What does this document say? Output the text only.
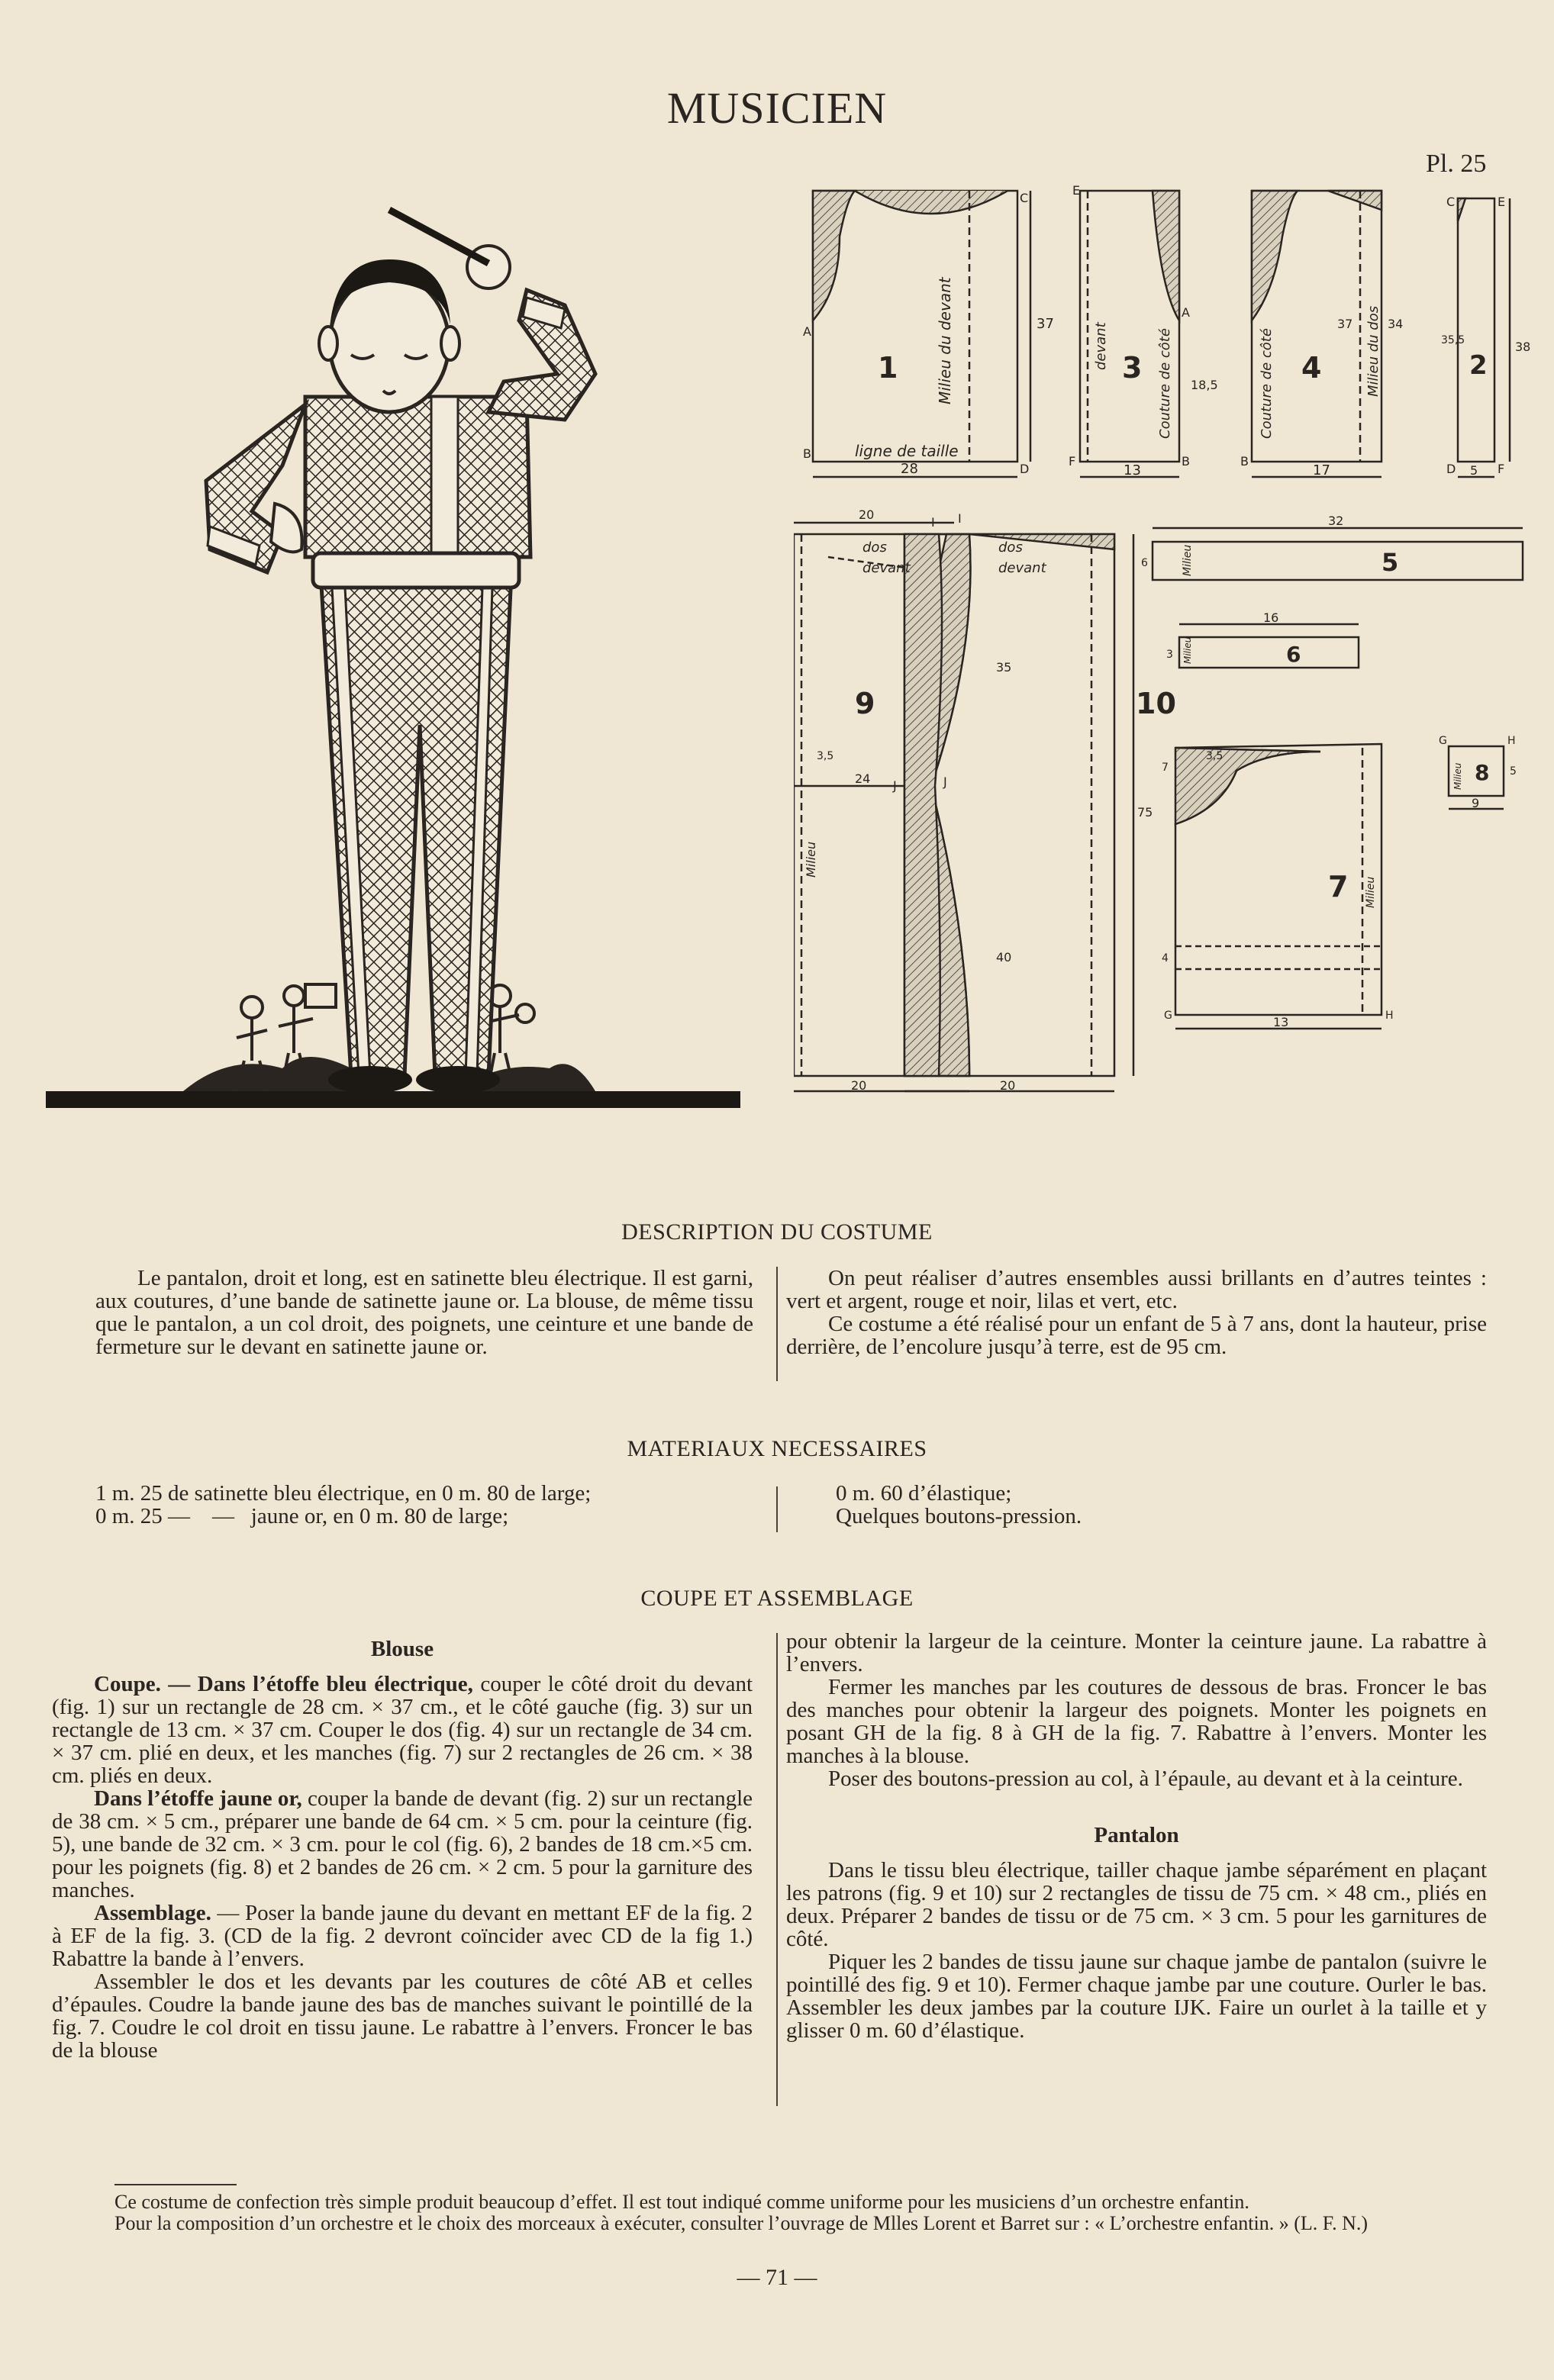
MUSICIEN
Pl. 25
1 Milieu du devant
ligne de taille
28
37
A
B
C
D
3
devant	Couture de côté
13
18,5
E
A
F	B
4
Couture de côté	Milieu du dos
17
37	34
B
2
5
38
35,5
C	E
D	F
9
dos
devant
Milieu
20
24
20
35
40
3,5
I
J
10
dos
devant
20
75
3,5
I
J
5
Milieu
32
6
6
Milieu
16
3
8
Milieu
9
5
G	H
7 Milieu
13
7
4
G	H
DESCRIPTION DU COSTUME

Le pantalon, droit et long, est en satinette bleu électrique. Il est garni, aux coutures, d’une bande de satinette jaune or. La blouse, de même tissu que le pantalon, a un col droit, des poignets, une ceinture et une bande de fermeture sur le devant en satinette jaune or.

On peut réaliser d’autres ensembles aussi brillants en d’autres teintes : vert et argent, rouge et noir, lilas et vert, etc.

Ce costume a été réalisé pour un enfant de 5 à 7 ans, dont la hauteur, prise derrière, de l’encolure jusqu’à terre, est de 95 cm.

MATERIAUX NECESSAIRES

1 m. 25 de satinette bleu électrique, en 0 m. 80 de large;

0 m. 25 —    —   jaune or, en 0 m. 80 de large;

0 m. 60 d’élastique;

Quelques boutons-pression.

COUPE ET ASSEMBLAGE

Blouse

Coupe. — Dans l’étoffe bleu électrique, couper le côté droit du devant (fig. 1) sur un rectangle de 28 cm. × 37 cm., et le côté gauche (fig. 3) sur un rectangle de 13 cm. × 37 cm. Couper le dos (fig. 4) sur un rectangle de 34 cm. × 37 cm. plié en deux, et les manches (fig. 7) sur 2 rectangles de 26 cm. × 38 cm. pliés en deux.

Dans l’étoffe jaune or, couper la bande de devant (fig. 2) sur un rectangle de 38 cm. × 5 cm., préparer une bande de 64 cm. × 5 cm. pour la ceinture (fig. 5), une bande de 32 cm. × 3 cm. pour le col (fig. 6), 2 bandes de 18 cm.×5 cm. pour les poignets (fig. 8) et 2 bandes de 26 cm. × 2 cm. 5 pour la garniture des manches.

Assemblage. — Poser la bande jaune du devant en mettant EF de la fig. 2 à EF de la fig. 3. (CD de la fig. 2 devront coïncider avec CD de la fig 1.) Rabattre la bande à l’envers.

Assembler le dos et les devants par les coutures de côté AB et celles d’épaules. Coudre la bande jaune des bas de manches suivant le pointillé de la fig. 7. Coudre le col droit en tissu jaune. Le rabattre à l’envers. Froncer le bas de la blouse

pour obtenir la largeur de la ceinture. Monter la ceinture jaune. La rabattre à l’envers.

Fermer les manches par les coutures de dessous de bras. Froncer le bas des manches pour obtenir la largeur des poignets. Monter les poignets en posant GH de la fig. 8 à GH de la fig. 7. Rabattre à l’envers. Monter les manches à la blouse.

Poser des boutons-pression au col, à l’épaule, au devant et à la ceinture.

Pantalon

Dans le tissu bleu électrique, tailler chaque jambe séparément en plaçant les patrons (fig. 9 et 10) sur 2 rectangles de tissu de 75 cm. × 48 cm., pliés en deux. Préparer 2 bandes de tissu or de 75 cm. × 3 cm. 5 pour les garnitures de côté.

Piquer les 2 bandes de tissu jaune sur chaque jambe de pantalon (suivre le pointillé des fig. 9 et 10). Fermer chaque jambe par une couture. Ourler le bas. Assembler les deux jambes par la couture IJK. Faire un ourlet à la taille et y glisser 0 m. 60 d’élastique.

Ce costume de confection très simple produit beaucoup d’effet. Il est tout indiqué comme uniforme pour les musiciens d’un orchestre enfantin.

Pour la composition d’un orchestre et le choix des morceaux à exécuter, consulter l’ouvrage de Mlles Lorent et Barret sur : « L’orchestre enfantin. » (L. F. N.)

— 71 —
